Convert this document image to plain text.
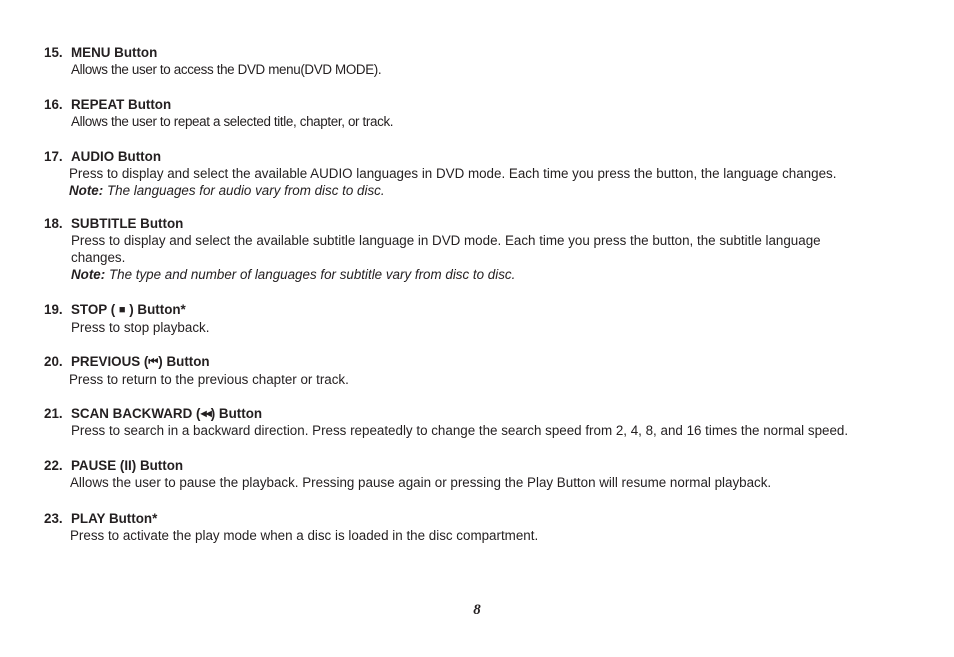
15. MENU Button
Allows the user to access the DVD menu(DVD MODE).
16. REPEAT Button
Allows the user to repeat a selected title, chapter, or track.
17. AUDIO Button
Press to display and select the available AUDIO languages in DVD mode. Each time you press the button, the language changes.
Note: The languages for audio vary from disc to disc.
18. SUBTITLE Button
Press to display and select the available subtitle language in DVD mode. Each time you press the button, the subtitle language changes.
Note: The type and number of languages for subtitle vary from disc to disc.
19. STOP ( ■ ) Button*
Press to stop playback.
20. PREVIOUS (⏮) Button
Press to return to the previous chapter or track.
21. SCAN BACKWARD (◀◀) Button
Press to search in a backward direction. Press repeatedly to change the search speed from 2, 4, 8, and 16 times the normal speed.
22. PAUSE (II) Button
Allows the user to pause the playback. Pressing pause again or pressing the Play Button will resume normal playback.
23. PLAY Button*
Press to activate the play mode when a disc is loaded in the disc compartment.
8
